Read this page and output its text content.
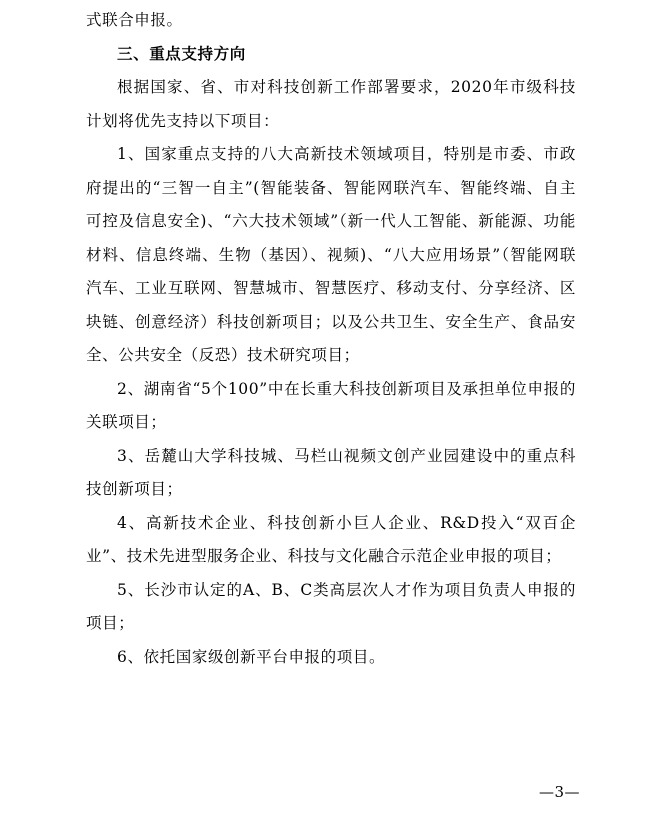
式联合申报。

三、重点支持方向

根据国家、省、市对科技创新工作部署要求，2020年市级科技计划将优先支持以下项目：

1、国家重点支持的八大高新技术领域项目，特别是市委、市政府提出的“三智一自主”(智能装备、智能网联汽车、智能终端、自主可控及信息安全)、“六大技术领域”（新一代人工智能、新能源、功能材料、信息终端、生物（基因）、视频)、“八大应用场景”（智能网联汽车、工业互联网、智慧城市、智慧医疗、移动支付、分享经济、区块链、创意经济）科技创新项目；以及公共卫生、安全生产、食品安全、公共安全（反恐）技术研究项目；

2、湖南省“5个100”中在长重大科技创新项目及承担单位申报的关联项目；

3、岳麓山大学科技城、马栏山视频文创产业园建设中的重点科技创新项目；

4、高新技术企业、科技创新小巨人企业、R&D投入“双百企业”、技术先进型服务企业、科技与文化融合示范企业申报的项目；

5、长沙市认定的A、B、C类高层次人才作为项目负责人申报的项目；

6、依托国家级创新平台申报的项目。

—3—
